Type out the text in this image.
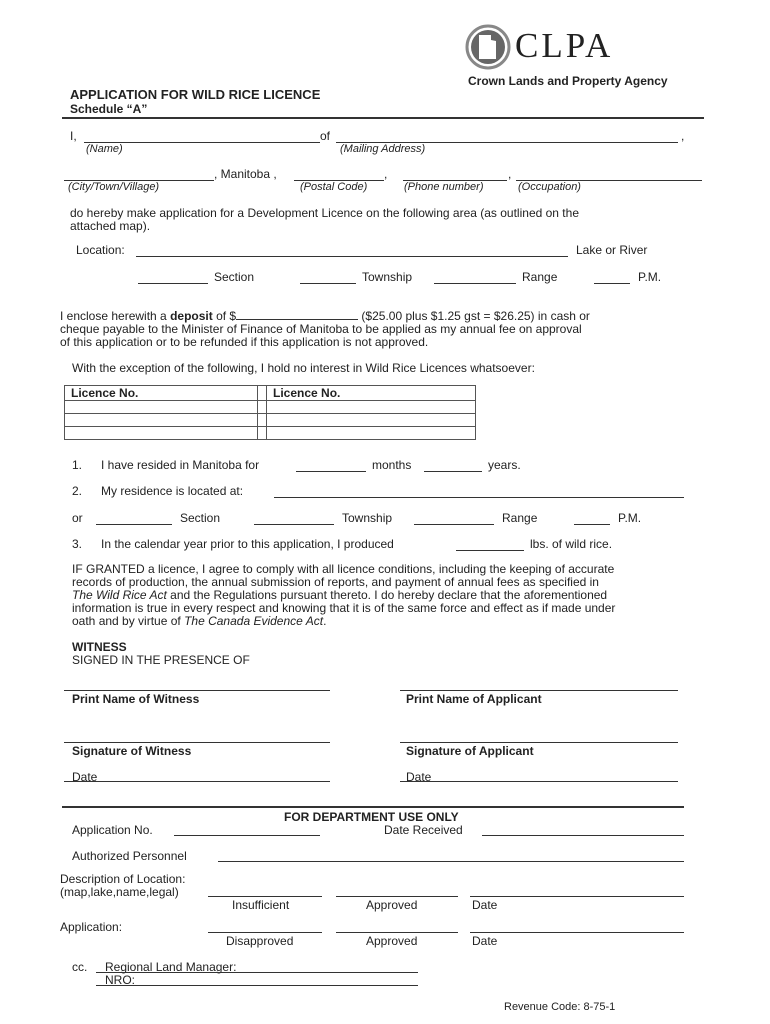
CLPA
Crown Lands and Property Agency
APPLICATION FOR WILD RICE LICENCE
Schedule “A”
I,	of	,
(Name)	(Mailing Address)
, Manitoba ,	,	,
(City/Town/Village)	(Postal Code)	(Phone number)	(Occupation)
do hereby make application for a Development Licence on the following area (as outlined on the
attached map).
Location:	Lake or River
Section	Township	Range	P.M.
I enclose herewith a deposit of $	($25.00 plus $1.25 gst = $26.25) in cash or
cheque payable to the Minister of Finance of Manitoba to be applied as my annual fee on approval
of this application or to be refunded if this application is not approved.
With the exception of the following, I hold no interest in Wild Rice Licences whatsoever:
Licence No.		Licence No.

1. I have resided in Manitoba for	months	years.
2. My residence is located at:
or	Section	Township	Range	P.M.
3. In the calendar year prior to this application, I produced	lbs. of wild rice.
IF GRANTED a licence, I agree to comply with all licence conditions, including the keeping of accurate
records of production, the annual submission of reports, and payment of annual fees as specified in
The Wild Rice Act and the Regulations pursuant thereto. I do hereby declare that the aforementioned
information is true in every respect and knowing that it is of the same force and effect as if made under
oath and by virtue of The Canada Evidence Act.
WITNESS
SIGNED IN THE PRESENCE OF
Print Name of Witness	Print Name of Applicant
Signature of Witness	Signature of Applicant
Date	Date
FOR DEPARTMENT USE ONLY
Application No.	Date Received
Authorized Personnel
Description of Location:
(map,lake,name,legal)
Insufficient	Approved	Date
Application:
Disapproved	Approved	Date
cc. Regional Land Manager:
NRO:
Revenue Code: 8-75-1
